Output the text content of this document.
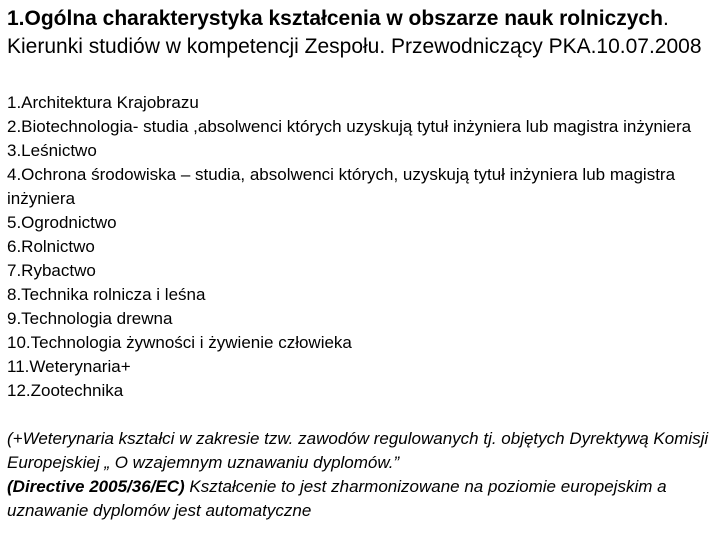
1.Ogólna charakterystyka kształcenia w obszarze nauk rolniczych. Kierunki studiów w kompetencji Zespołu. Przewodniczący PKA.10.07.2008
1.Architektura Krajobrazu
2.Biotechnologia- studia ,absolwenci których uzyskują tytuł inżyniera lub magistra inżyniera
3.Leśnictwo
4.Ochrona środowiska – studia, absolwenci których, uzyskują tytuł inżyniera lub magistra inżyniera
5.Ogrodnictwo
6.Rolnictwo
7.Rybactwo
8.Technika rolnicza i leśna
9.Technologia drewna
10.Technologia żywności i żywienie człowieka
11.Weterynaria+
12.Zootechnika

(+Weterynaria kształci w zakresie tzw. zawodów regulowanych tj. objętych Dyrektywą Komisji Europejskiej „ O wzajemnym uznawaniu dyplomów.”
(Directive 2005/36/EC) Kształcenie to jest zharmonizowane na poziomie europejskim a uznawanie dyplomów jest automatyczne
